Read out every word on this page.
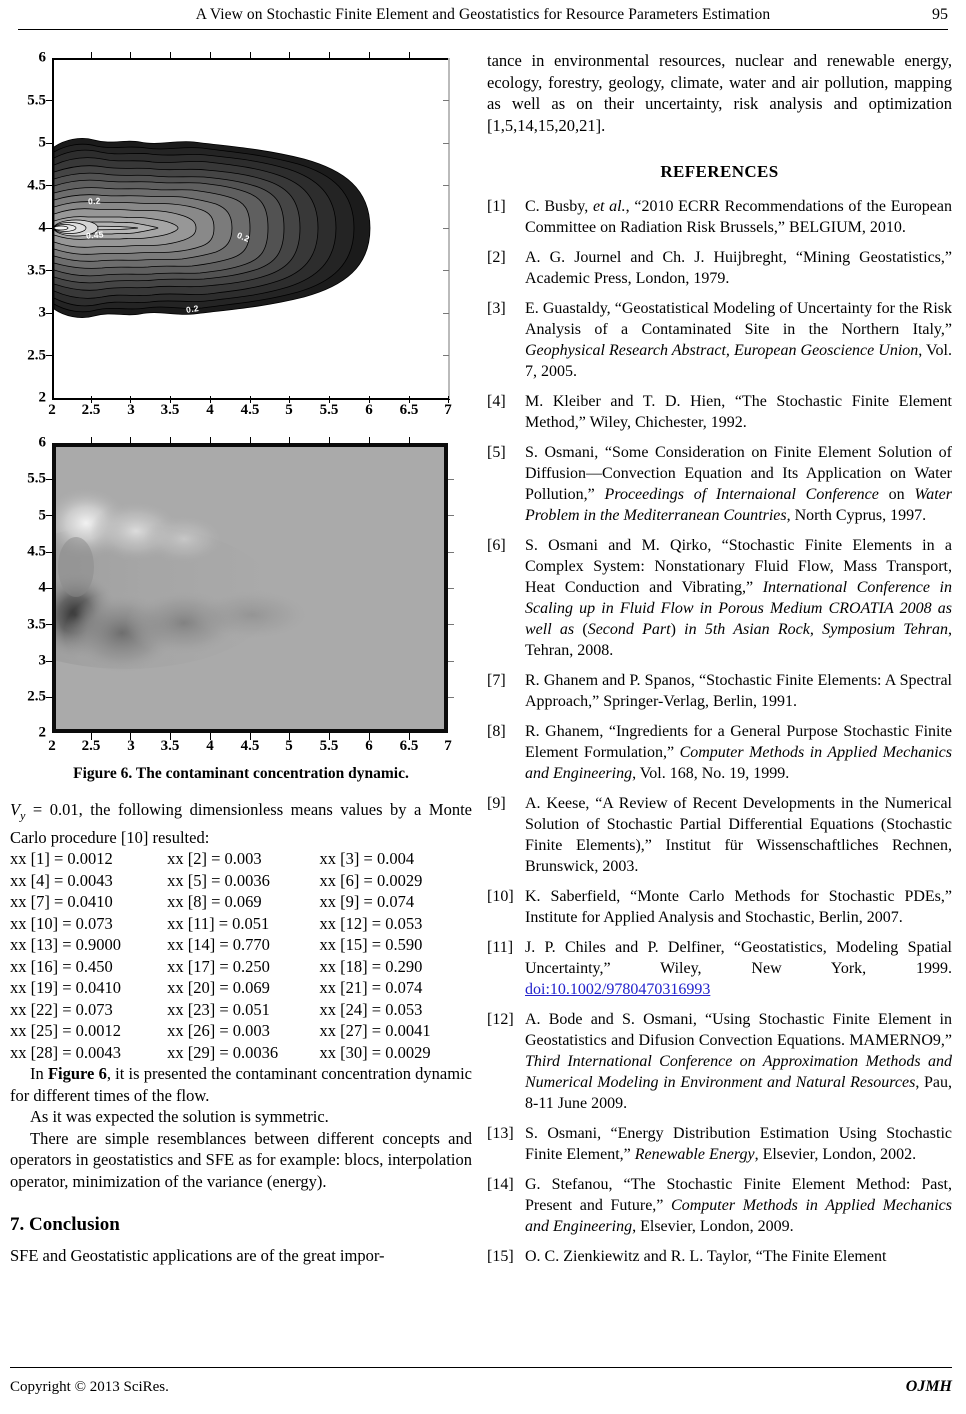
A View on Stochastic Finite Element and Geostatistics for Resource Parameters Estimation	95
6
5.5
5
4.5
4
3.5
3
2.5
2
2 2.5 3 3.5 4 4.5 5 5.5 6 6.5 7
0.2
0.45	0.2
0.2
6
5.5
5
4.5
4
3.5
3
2.5
2
2 2.5 3 3.5 4 4.5 5 5.5 6 6.5 7
Figure 6. The contaminant concentration dynamic.

$V_y = 0.01$, the following dimensionless means values by a Monte Carlo procedure [10] resulted:

xx [1] = 0.0012	xx [2] = 0.003	xx [3] = 0.004
xx [4] = 0.0043	xx [5] = 0.0036	xx [6] = 0.0029
xx [7] = 0.0410	xx [8] = 0.069	xx [9] = 0.074
xx [10] = 0.073	xx [11] = 0.051	xx [12] = 0.053
xx [13] = 0.9000	xx [14] = 0.770	xx [15] = 0.590
xx [16] = 0.450	xx [17] = 0.250	xx [18] = 0.290
xx [19] = 0.0410	xx [20] = 0.069	xx [21] = 0.074
xx [22] = 0.073	xx [23] = 0.051	xx [24] = 0.053
xx [25] = 0.0012	xx [26] = 0.003	xx [27] = 0.0041
xx [28] = 0.0043	xx [29] = 0.0036	xx [30] = 0.0029

In Figure 6, it is presented the contaminant concentration dynamic for different times of the flow.

As it was expected the solution is symmetric.

There are simple resemblances between different concepts and operators in geostatistics and SFE as for example: blocs, interpolation operator, minimization of the variance (energy).

7. Conclusion

SFE and Geostatistic applications are of the great impor-

tance in environmental resources, nuclear and renewable energy, ecology, forestry, geology, climate, water and air pollution, mapping as well as on their uncertainty, risk analysis and optimization [1,5,14,15,20,21].

REFERENCES
[1]	C. Busby, et al., “2010 ECRR Recommendations of the European Committee on Radiation Risk Brussels,” BELGIUM, 2010.
[2]	A. G. Journel and Ch. J. Huijbreght, “Mining Geostatistics,” Academic Press, London, 1979.
[3]	E. Guastaldy, “Geostatistical Modeling of Uncertainty for the Risk Analysis of a Contaminated Site in the Northern Italy,” Geophysical Research Abstract, European Geoscience Union, Vol. 7, 2005.
[4]	M. Kleiber and T. D. Hien, “The Stochastic Finite Element Method,” Wiley, Chichester, 1992.
[5]	S. Osmani, “Some Consideration on Finite Element Solution of Diffusion—Convection Equation and Its Application on Water Pollution,” Proceedings of Internaional Conference on Water Problem in the Mediterranean Countries, North Cyprus, 1997.
[6]	S. Osmani and M. Qirko, “Stochastic Finite Elements in a Complex System: Nonstationary Fluid Flow, Mass Transport, Heat Conduction and Vibrating,” International Conference in Scaling up in Fluid Flow in Porous Medium CROATIA 2008 as well as (Second Part) in 5th Asian Rock, Symposium Tehran, Tehran, 2008.
[7]	R. Ghanem and P. Spanos, “Stochastic Finite Elements: A Spectral Approach,” Springer-Verlag, Berlin, 1991.
[8]	R. Ghanem, “Ingredients for a General Purpose Stochastic Finite Element Formulation,” Computer Methods in Applied Mechanics and Engineering, Vol. 168, No. 19, 1999.
[9]	A. Keese, “A Review of Recent Developments in the Numerical Solution of Stochastic Partial Differential Equations (Stochastic Finite Elements),” Institut für Wissenschaftliches Rechnen, Brunswick, 2003.
[10] K. Saberfield, “Monte Carlo Methods for Stochastic PDEs,” Institute for Applied Analysis and Stochastic, Berlin, 2007.
[11] J. P. Chiles and P. Delfiner, “Geostatistics, Modeling Spatial Uncertainty,” Wiley, New York, 1999. doi:10.1002/9780470316993
[12] A. Bode and S. Osmani, “Using Stochastic Finite Element in Geostatistics and Difusion Convection Equations. MAMERNO9,” Third International Conference on Approximation Methods and Numerical Modeling in Environment and Natural Resources, Pau, 8-11 June 2009.
[13] S. Osmani, “Energy Distribution Estimation Using Stochastic Finite Element,” Renewable Energy, Elsevier, London, 2002.
[14] G. Stefanou, “The Stochastic Finite Element Method: Past, Present and Future,” Computer Methods in Applied Mechanics and Engineering, Elsevier, London, 2009.
[15] O. C. Zienkiewitz and R. L. Taylor, “The Finite Element
Copyright © 2013 SciRes.	OJMH
